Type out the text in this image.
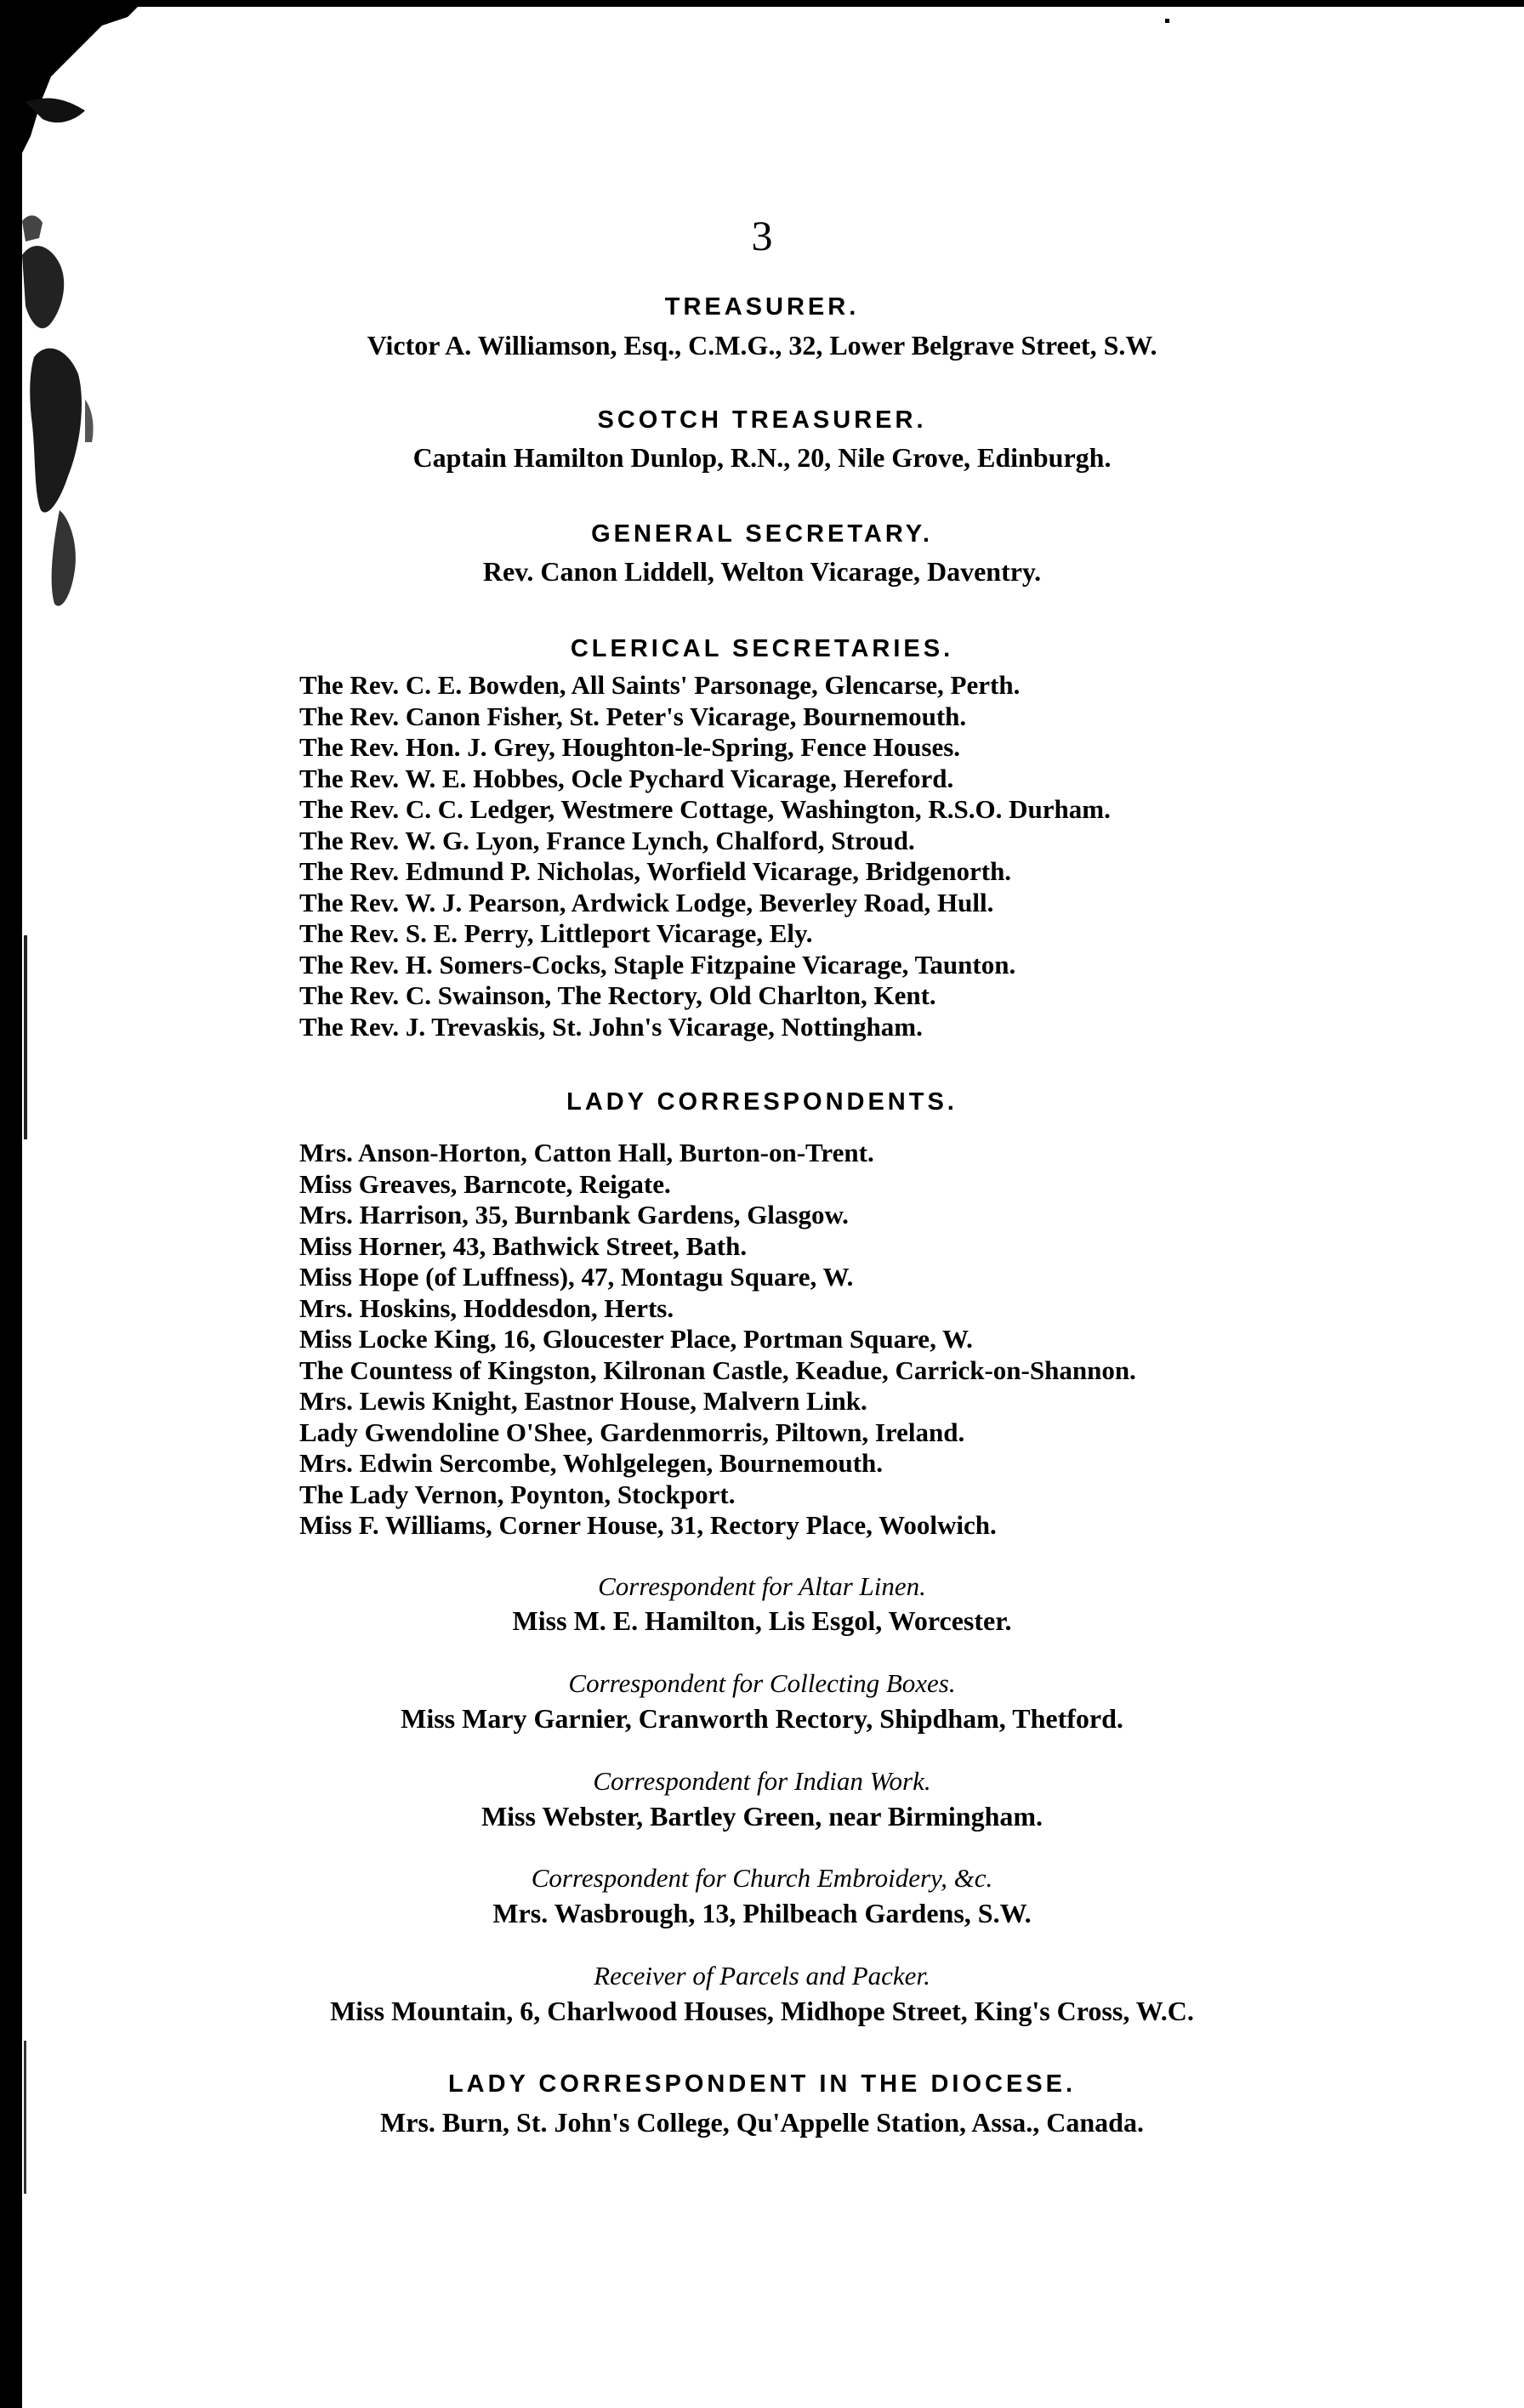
3
TREASURER.
Victor A. Williamson, Esq., C.M.G., 32, Lower Belgrave Street, S.W.
SCOTCH TREASURER.
Captain Hamilton Dunlop, R.N., 20, Nile Grove, Edinburgh.
GENERAL SECRETARY.
Rev. Canon Liddell, Welton Vicarage, Daventry.
CLERICAL SECRETARIES.
The Rev. C. E. Bowden, All Saints' Parsonage, Glencarse, Perth.
The Rev. Canon Fisher, St. Peter's Vicarage, Bournemouth.
The Rev. Hon. J. Grey, Houghton-le-Spring, Fence Houses.
The Rev. W. E. Hobbes, Ocle Pychard Vicarage, Hereford.
The Rev. C. C. Ledger, Westmere Cottage, Washington, R.S.O. Durham.
The Rev. W. G. Lyon, France Lynch, Chalford, Stroud.
The Rev. Edmund P. Nicholas, Worfield Vicarage, Bridgenorth.
The Rev. W. J. Pearson, Ardwick Lodge, Beverley Road, Hull.
The Rev. S. E. Perry, Littleport Vicarage, Ely.
The Rev. H. Somers-Cocks, Staple Fitzpaine Vicarage, Taunton.
The Rev. C. Swainson, The Rectory, Old Charlton, Kent.
The Rev. J. Trevaskis, St. John's Vicarage, Nottingham.
LADY CORRESPONDENTS.
Mrs. Anson-Horton, Catton Hall, Burton-on-Trent.
Miss Greaves, Barncote, Reigate.
Mrs. Harrison, 35, Burnbank Gardens, Glasgow.
Miss Horner, 43, Bathwick Street, Bath.
Miss Hope (of Luffness), 47, Montagu Square, W.
Mrs. Hoskins, Hoddesdon, Herts.
Miss Locke King, 16, Gloucester Place, Portman Square, W.
The Countess of Kingston, Kilronan Castle, Keadue, Carrick-on-Shannon.
Mrs. Lewis Knight, Eastnor House, Malvern Link.
Lady Gwendoline O'Shee, Gardenmorris, Piltown, Ireland.
Mrs. Edwin Sercombe, Wohlgelegen, Bournemouth.
The Lady Vernon, Poynton, Stockport.
Miss F. Williams, Corner House, 31, Rectory Place, Woolwich.
Correspondent for Altar Linen.
Miss M. E. Hamilton, Lis Esgol, Worcester.
Correspondent for Collecting Boxes.
Miss Mary Garnier, Cranworth Rectory, Shipdham, Thetford.
Correspondent for Indian Work.
Miss Webster, Bartley Green, near Birmingham.
Correspondent for Church Embroidery, &c.
Mrs. Wasbrough, 13, Philbeach Gardens, S.W.
Receiver of Parcels and Packer.
Miss Mountain, 6, Charlwood Houses, Midhope Street, King's Cross, W.C.
LADY CORRESPONDENT IN THE DIOCESE.
Mrs. Burn, St. John's College, Qu'Appelle Station, Assa., Canada.
